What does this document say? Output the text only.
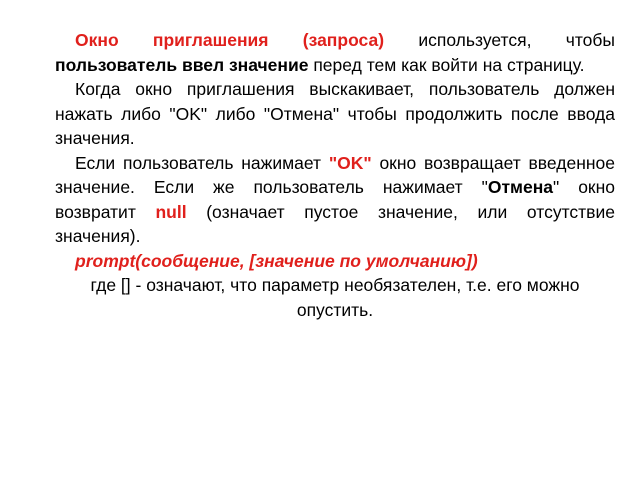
Окно приглашения (запроса) используется, чтобы пользователь ввел значение перед тем как войти на страницу.

Когда окно приглашения выскакивает, пользователь должен нажать либо "OK" либо "Отмена" чтобы продолжить после ввода значения.

Если пользователь нажимает "OK" окно возвращает введенное значение. Если же пользователь нажимает "Отмена" окно возвратит null (означает пустое значение, или отсутствие значения).

prompt(сообщение, [значение по умолчанию])

где [] - означают, что параметр необязателен, т.е. его можно опустить.
